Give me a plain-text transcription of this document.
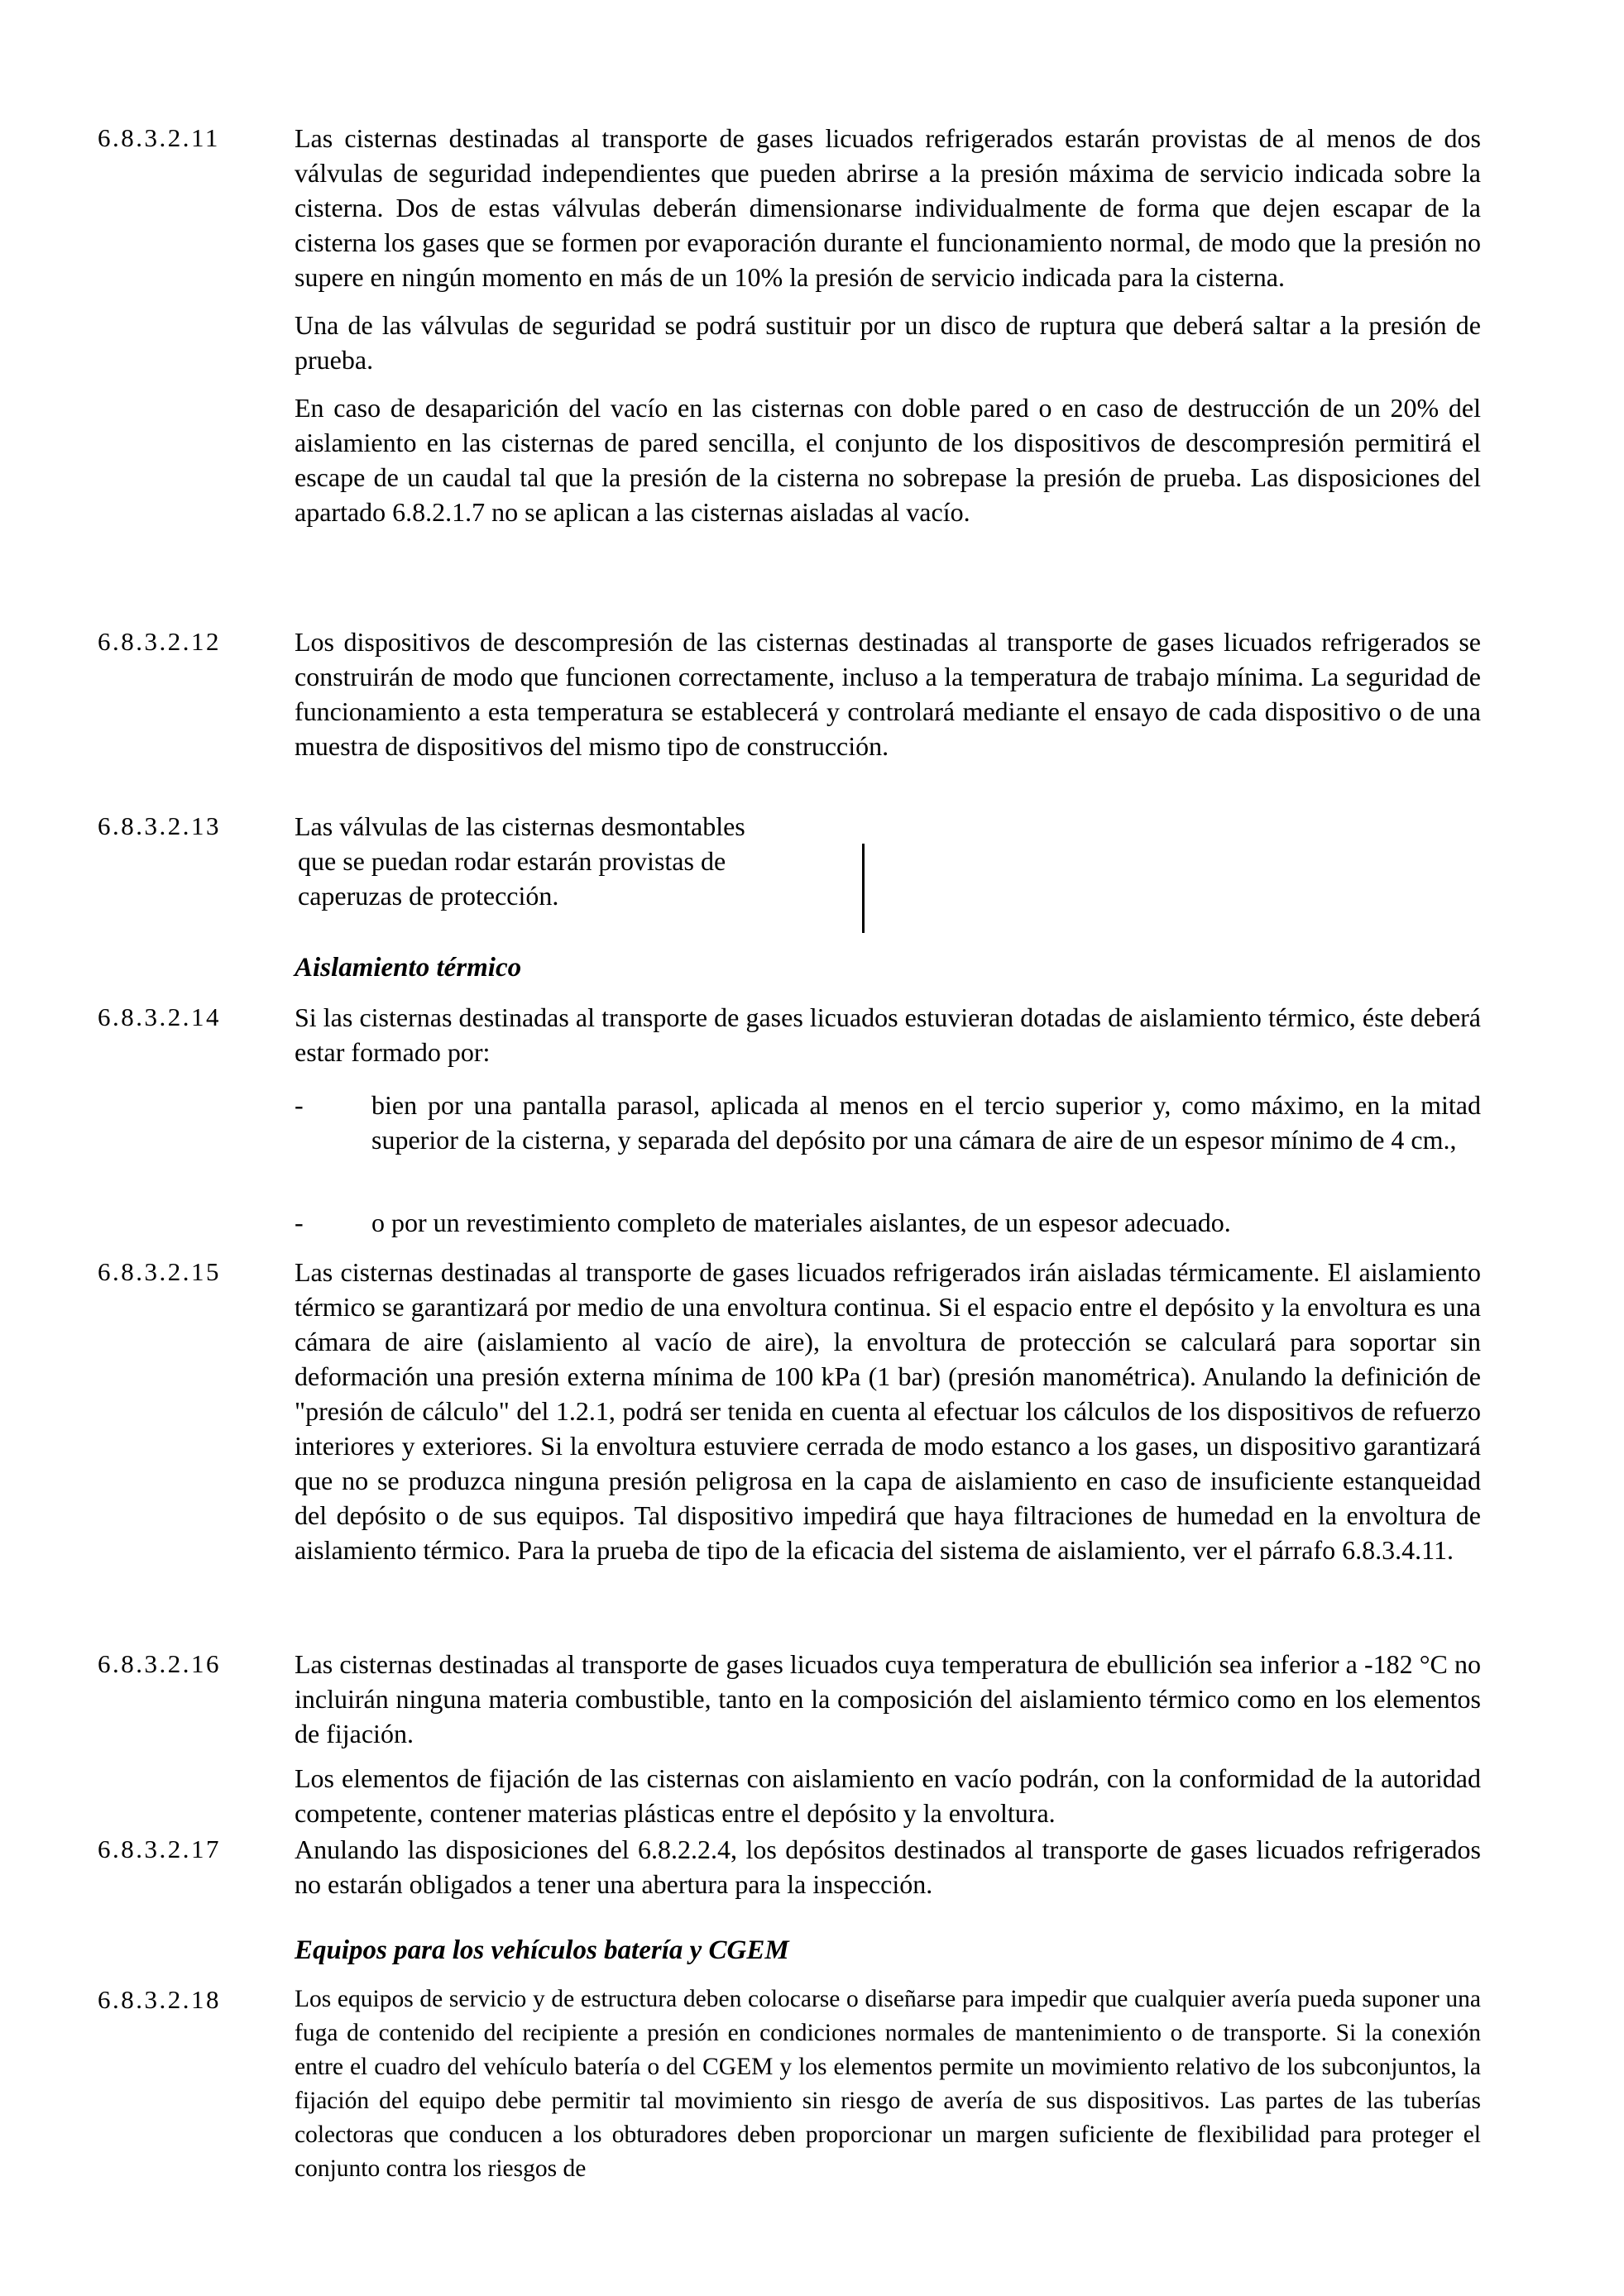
6.8.3.2.11	Las cisternas destinadas al transporte de gases licuados refrigerados estarán provistas de al menos de dos válvulas de seguridad independientes que pueden abrirse a la presión máxima de servicio indicada sobre la cisterna. Dos de estas válvulas deberán dimensionarse individualmente de forma que dejen escapar de la cisterna los gases que se formen por evaporación durante el funcionamiento normal, de modo que la presión no supere en ningún momento en más de un 10% la presión de servicio indicada para la cisterna.

Una de las válvulas de seguridad se podrá sustituir por un disco de ruptura que deberá saltar a la presión de prueba.

En caso de desaparición del vacío en las cisternas con doble pared o en caso de destrucción de un 20% del aislamiento en las cisternas de pared sencilla, el conjunto de los dispositivos de descompresión permitirá el escape de un caudal tal que la presión de la cisterna no sobrepase la presión de prueba. Las disposiciones del apartado 6.8.2.1.7 no se aplican a las cisternas aisladas al vacío.

6.8.3.2.12	Los dispositivos de descompresión de las cisternas destinadas al transporte de gases licuados refrigerados se construirán de modo que funcionen correctamente, incluso a la temperatura de trabajo mínima. La seguridad de funcionamiento a esta temperatura se establecerá y controlará mediante el ensayo de cada dispositivo o de una muestra de dispositivos del mismo tipo de construcción.

6.8.3.2.13	Las válvulas de las cisternas desmontables
que se puedan rodar estarán provistas de
caperuzas de protección.
Aislamiento térmico
6.8.3.2.14	Si las cisternas destinadas al transporte de gases licuados estuvieran dotadas de aislamiento térmico, éste deberá estar formado por:

-	bien por una pantalla parasol, aplicada al menos en el tercio superior y, como máximo, en la mitad superior de la cisterna, y separada del depósito por una cámara de aire de un espesor mínimo de 4 cm.,
-	o por un revestimiento completo de materiales aislantes, de un espesor adecuado.
6.8.3.2.15	Las cisternas destinadas al transporte de gases licuados refrigerados irán aisladas térmicamente. El aislamiento térmico se garantizará por medio de una envoltura continua. Si el espacio entre el depósito y la envoltura es una cámara de aire (aislamiento al vacío de aire), la envoltura de protección se calculará para soportar sin deformación una presión externa mínima de 100 kPa (1 bar) (presión manométrica). Anulando la definición de "presión de cálculo" del 1.2.1, podrá ser tenida en cuenta al efectuar los cálculos de los dispositivos de refuerzo interiores y exteriores. Si la envoltura estuviere cerrada de modo estanco a los gases, un dispositivo garantizará que no se produzca ninguna presión peligrosa en la capa de aislamiento en caso de insuficiente estanqueidad del depósito o de sus equipos. Tal dispositivo impedirá que haya filtraciones de humedad en la envoltura de aislamiento térmico. Para la prueba de tipo de la eficacia del sistema de aislamiento, ver el párrafo 6.8.3.4.11.

6.8.3.2.16	Las cisternas destinadas al transporte de gases licuados cuya temperatura de ebullición sea inferior a -182 °C no incluirán ninguna materia combustible, tanto en la composición del aislamiento térmico como en los elementos de fijación.

Los elementos de fijación de las cisternas con aislamiento en vacío podrán, con la conformidad de la autoridad competente, contener materias plásticas entre el depósito y la envoltura.

6.8.3.2.17	Anulando las disposiciones del 6.8.2.2.4, los depósitos destinados al transporte de gases licuados refrigerados no estarán obligados a tener una abertura para la inspección.

Equipos para los vehículos batería y CGEM
6.8.3.2.18	Los equipos de servicio y de estructura deben colocarse o diseñarse para impedir que cualquier avería pueda suponer una fuga de contenido del recipiente a presión en condiciones normales de mantenimiento o de transporte. Si la conexión entre el cuadro del vehículo batería o del CGEM y los elementos permite un movimiento relativo de los subconjuntos, la fijación del equipo debe permitir tal movimiento sin riesgo de avería de sus dispositivos. Las partes de las tuberías colectoras que conducen a los obturadores deben proporcionar un margen suficiente de flexibilidad para proteger el conjunto contra los riesgos de
